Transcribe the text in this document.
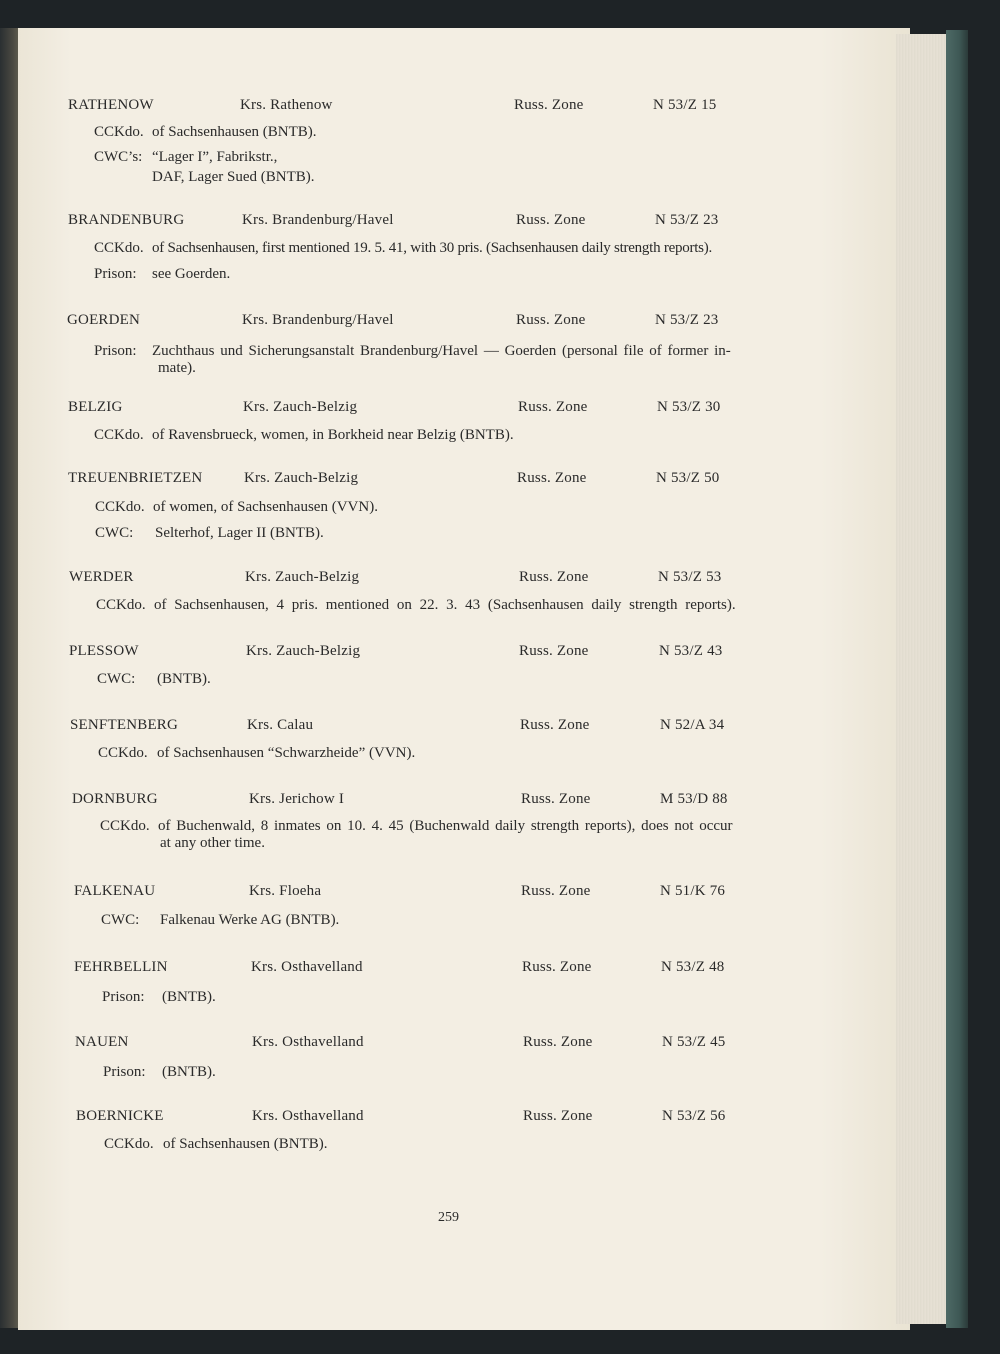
RATHENOW	Krs. Rathenow	Russ. Zone	N 53/Z 15
CCKdo. of Sachsenhausen (BNTB).

CWC’s: “Lager I”, Fabrikstr.,

DAF, Lager Sued (BNTB).

BRANDENBURG	Krs. Brandenburg/Havel	Russ. Zone	N 53/Z 23
CCKdo. of Sachsenhausen, first mentioned 19. 5. 41, with 30 pris. (Sachsenhausen daily strength reports).

Prison: see Goerden.

GOERDEN	Krs. Brandenburg/Havel	Russ. Zone	N 53/Z 23
Prison: Zuchthaus und Sicherungsanstalt Brandenburg/Havel — Goerden (personal file of former in-

mate).

BELZIG	Krs. Zauch-Belzig	Russ. Zone	N 53/Z 30
CCKdo. of Ravensbrueck, women, in Borkheid near Belzig (BNTB).

TREUENBRIETZEN	Krs. Zauch-Belzig	Russ. Zone	N 53/Z 50
CCKdo. of women, of Sachsenhausen (VVN).

CWC: Selterhof, Lager II (BNTB).

WERDER	Krs. Zauch-Belzig	Russ. Zone	N 53/Z 53
CCKdo. of Sachsenhausen, 4 pris. mentioned on 22. 3. 43 (Sachsenhausen daily strength reports).

PLESSOW	Krs. Zauch-Belzig	Russ. Zone	N 53/Z 43
CWC: (BNTB).

SENFTENBERG	Krs. Calau	Russ. Zone	N 52/A 34
CCKdo. of Sachsenhausen “Schwarzheide” (VVN).

DORNBURG	Krs. Jerichow I	Russ. Zone	M 53/D 88
CCKdo. of Buchenwald, 8 inmates on 10. 4. 45 (Buchenwald daily strength reports), does not occur

at any other time.

FALKENAU	Krs. Floeha	Russ. Zone	N 51/K 76
CWC: Falkenau Werke AG (BNTB).

FEHRBELLIN	Krs. Osthavelland	Russ. Zone	N 53/Z 48
Prison: (BNTB).

NAUEN	Krs. Osthavelland	Russ. Zone	N 53/Z 45
Prison: (BNTB).

BOERNICKE	Krs. Osthavelland	Russ. Zone	N 53/Z 56
CCKdo. of Sachsenhausen (BNTB).

259
